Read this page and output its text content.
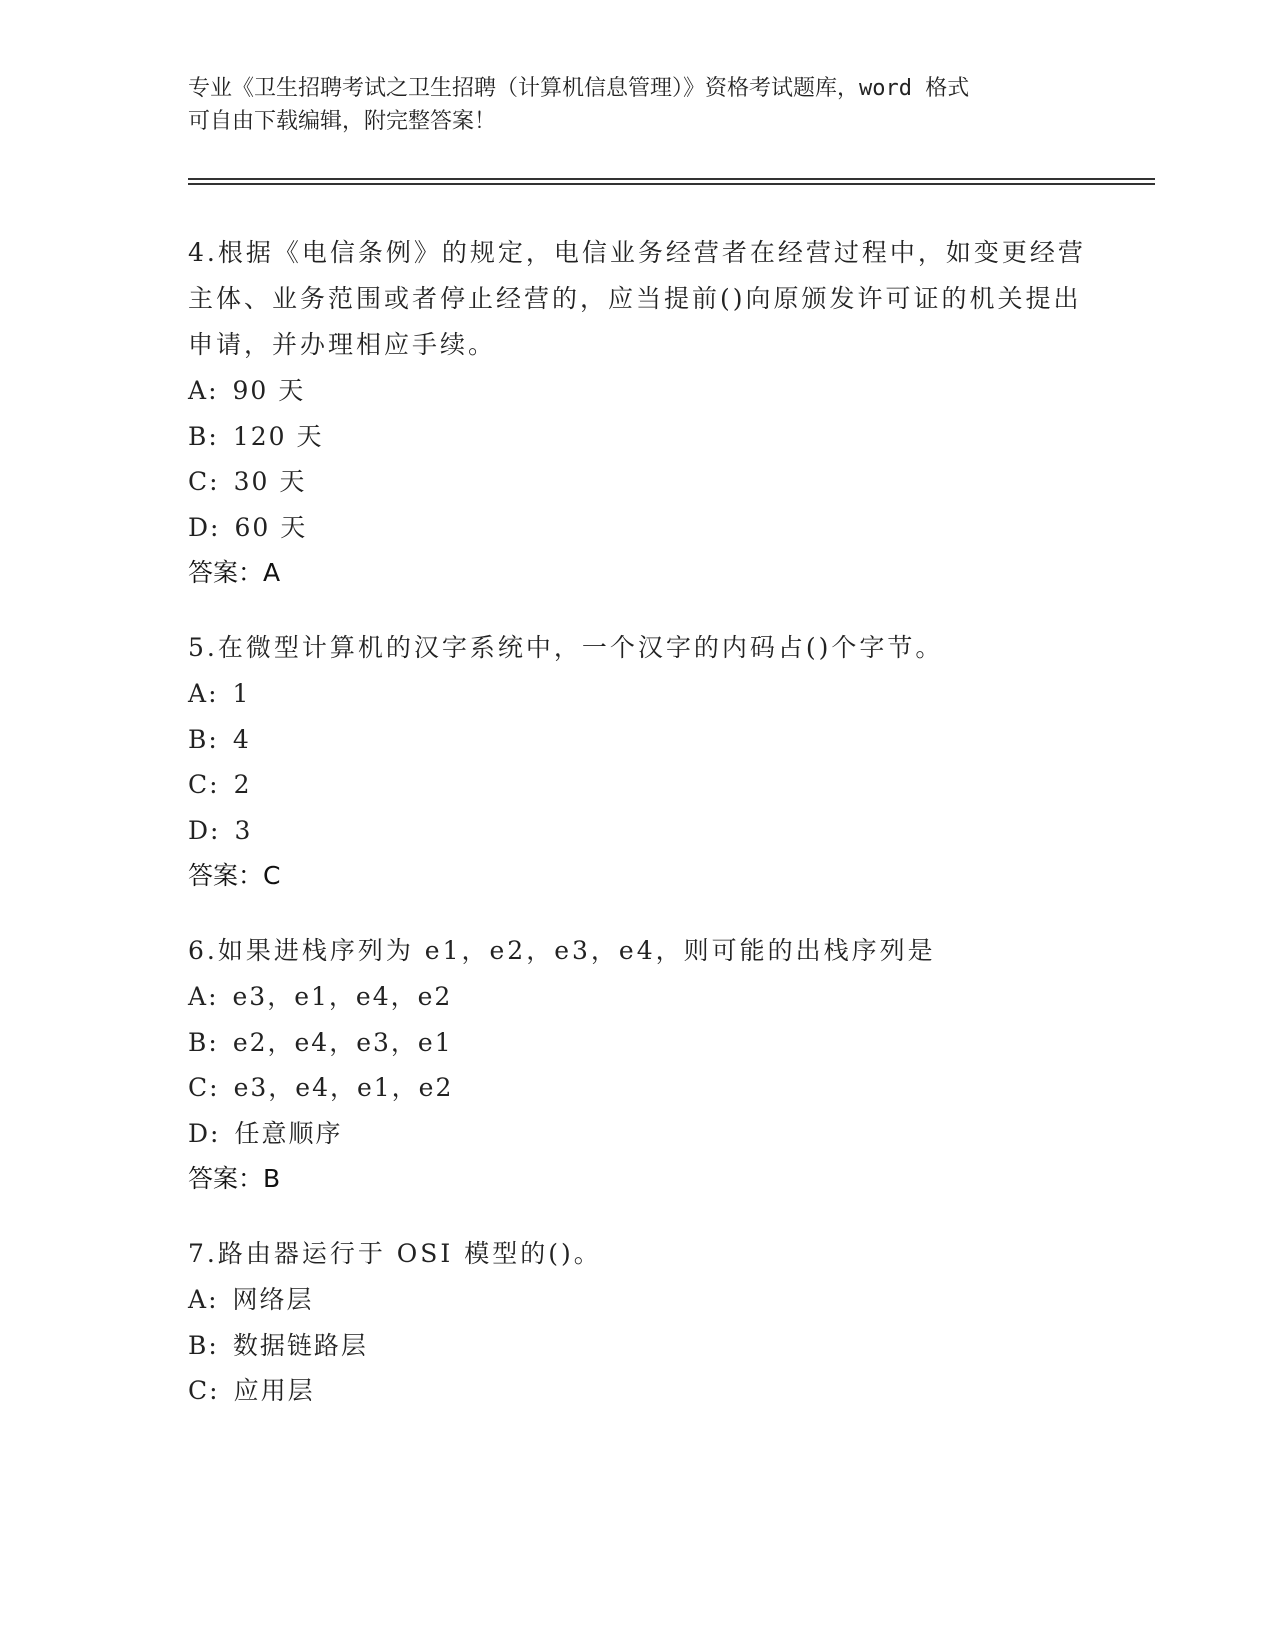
专业《卫生招聘考试之卫生招聘（计算机信息管理）》资格考试题库，word 格式
可自由下载编辑，附完整答案！

4.根据《电信条例》的规定，电信业务经营者在经营过程中，如变更经营主体、业务范围或者停止经营的，应当提前()向原颁发许可证的机关提出申请，并办理相应手续。

A: 90 天

B: 120 天

C: 30 天

D: 60 天

答案：A

5.在微型计算机的汉字系统中，一个汉字的内码占()个字节。

A: 1

B: 4

C: 2

D: 3

答案：C

6.如果进栈序列为 e1，e2，e3，e4，则可能的出栈序列是

A: e3，e1，e4，e2

B: e2，e4，e3，e1

C: e3，e4，e1，e2

D: 任意顺序

答案：B

7.路由器运行于 OSI 模型的()。

A: 网络层

B: 数据链路层

C: 应用层
